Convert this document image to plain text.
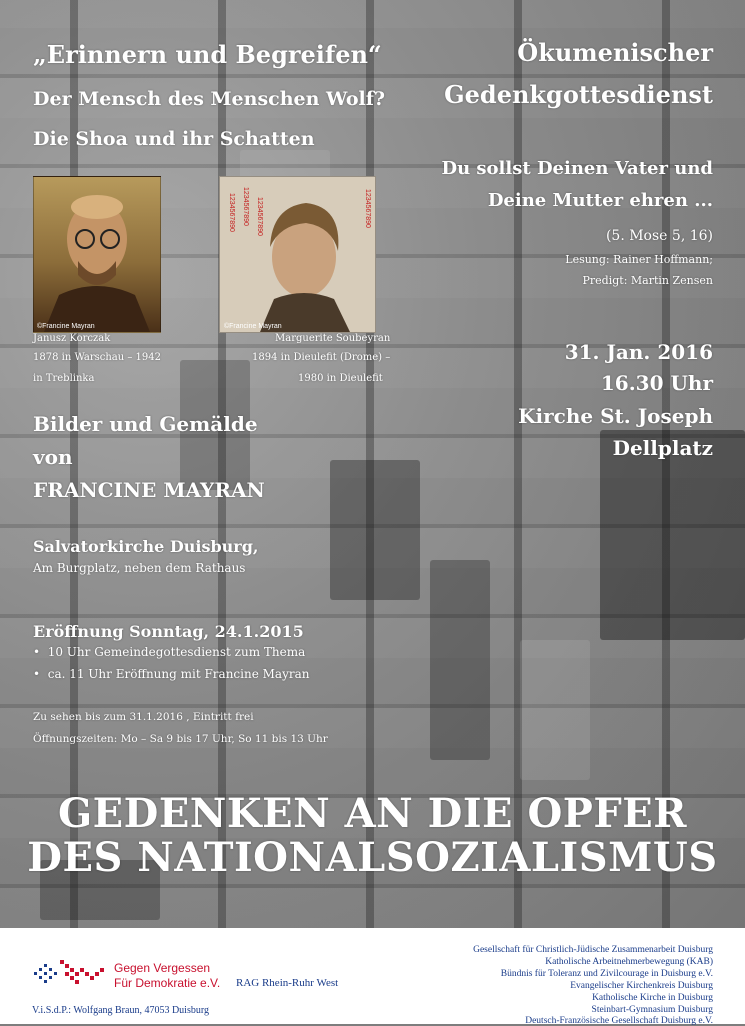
„Erinnern und Begreifen“

Der Mensch des Menschen Wolf?

Die Shoa und ihr Schatten

©Francine Mayran
1234567890 1234567890 1234567890	1234567890
©Francine Mayran

Janusz Korczak

1878 in Warschau – 1942

in Treblinka

Marguerite Soubeyran

1894 in Dieulefit (Drome) –

1980 in Dieulefit

Bilder und Gemälde

von

FRANCINE MAYRAN

Salvatorkirche Duisburg,

Am Burgplatz, neben dem Rathaus

Eröffnung Sonntag, 24.1.2015

•  10 Uhr Gemeindegottesdienst zum Thema

•  ca. 11 Uhr Eröffnung mit Francine Mayran

Zu sehen bis zum 31.1.2016 , Eintritt frei

Öffnungszeiten: Mo – Sa 9 bis 17 Uhr, So 11 bis 13 Uhr

Ökumenischer

Gedenkgottesdienst

Du sollst Deinen Vater und

Deine Mutter ehren ...

(5. Mose 5, 16)

Lesung: Rainer Hoffmann;

Predigt: Martin Zensen

31. Jan. 2016

16.30 Uhr

Kirche St. Joseph

Dellplatz

GEDENKEN AN DIE OPFER

DES NATIONALSOZIALISMUS

Gegen Vergessen
Für Demokratie e.V. RAG Rhein-Ruhr West
V.i.S.d.P.: Wolfgang Braun, 47053 Duisburg

Gesellschaft für Christlich-Jüdische Zusammenarbeit Duisburg

Katholische Arbeitnehmerbewegung (KAB)

Bündnis für Toleranz und Zivilcourage in Duisburg e.V.

Evangelischer Kirchenkreis Duisburg

Katholische Kirche in Duisburg

Steinbart-Gymnasium Duisburg

Deutsch-Französische Gesellschaft Duisburg e.V.
